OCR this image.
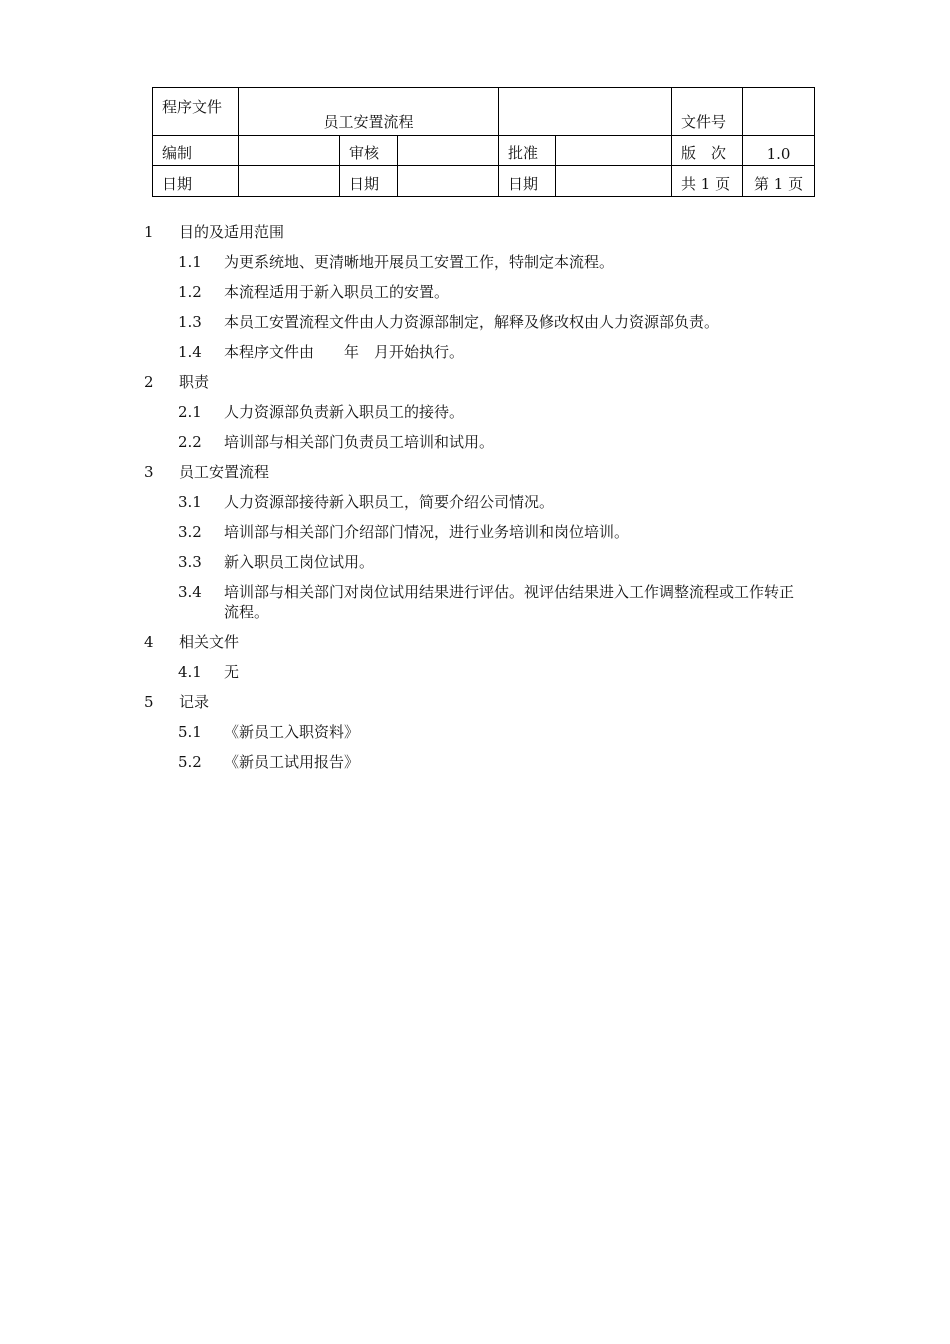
程序文件	员工安置流程					文件号	
编制		审核		批准		版　次	1.0
日期		日期		日期		共 1 页	第 1 页
1	目的及适用范围
1.1	为更系统地、更清晰地开展员工安置工作，特制定本流程。
1.2	本流程适用于新入职员工的安置。
1.3	本员工安置流程文件由人力资源部制定，解释及修改权由人力资源部负责。
1.4	本程序文件由　　年　月开始执行。
2	职责
2.1	人力资源部负责新入职员工的接待。
2.2	培训部与相关部门负责员工培训和试用。
3	员工安置流程
3.1	人力资源部接待新入职员工，简要介绍公司情况。
3.2	培训部与相关部门介绍部门情况，进行业务培训和岗位培训。
3.3	新入职员工岗位试用。
3.4	培训部与相关部门对岗位试用结果进行评估。视评估结果进入工作调整流程或工作转正流程。
4	相关文件
4.1	无
5	记录
5.1	《新员工入职资料》
5.2	《新员工试用报告》
